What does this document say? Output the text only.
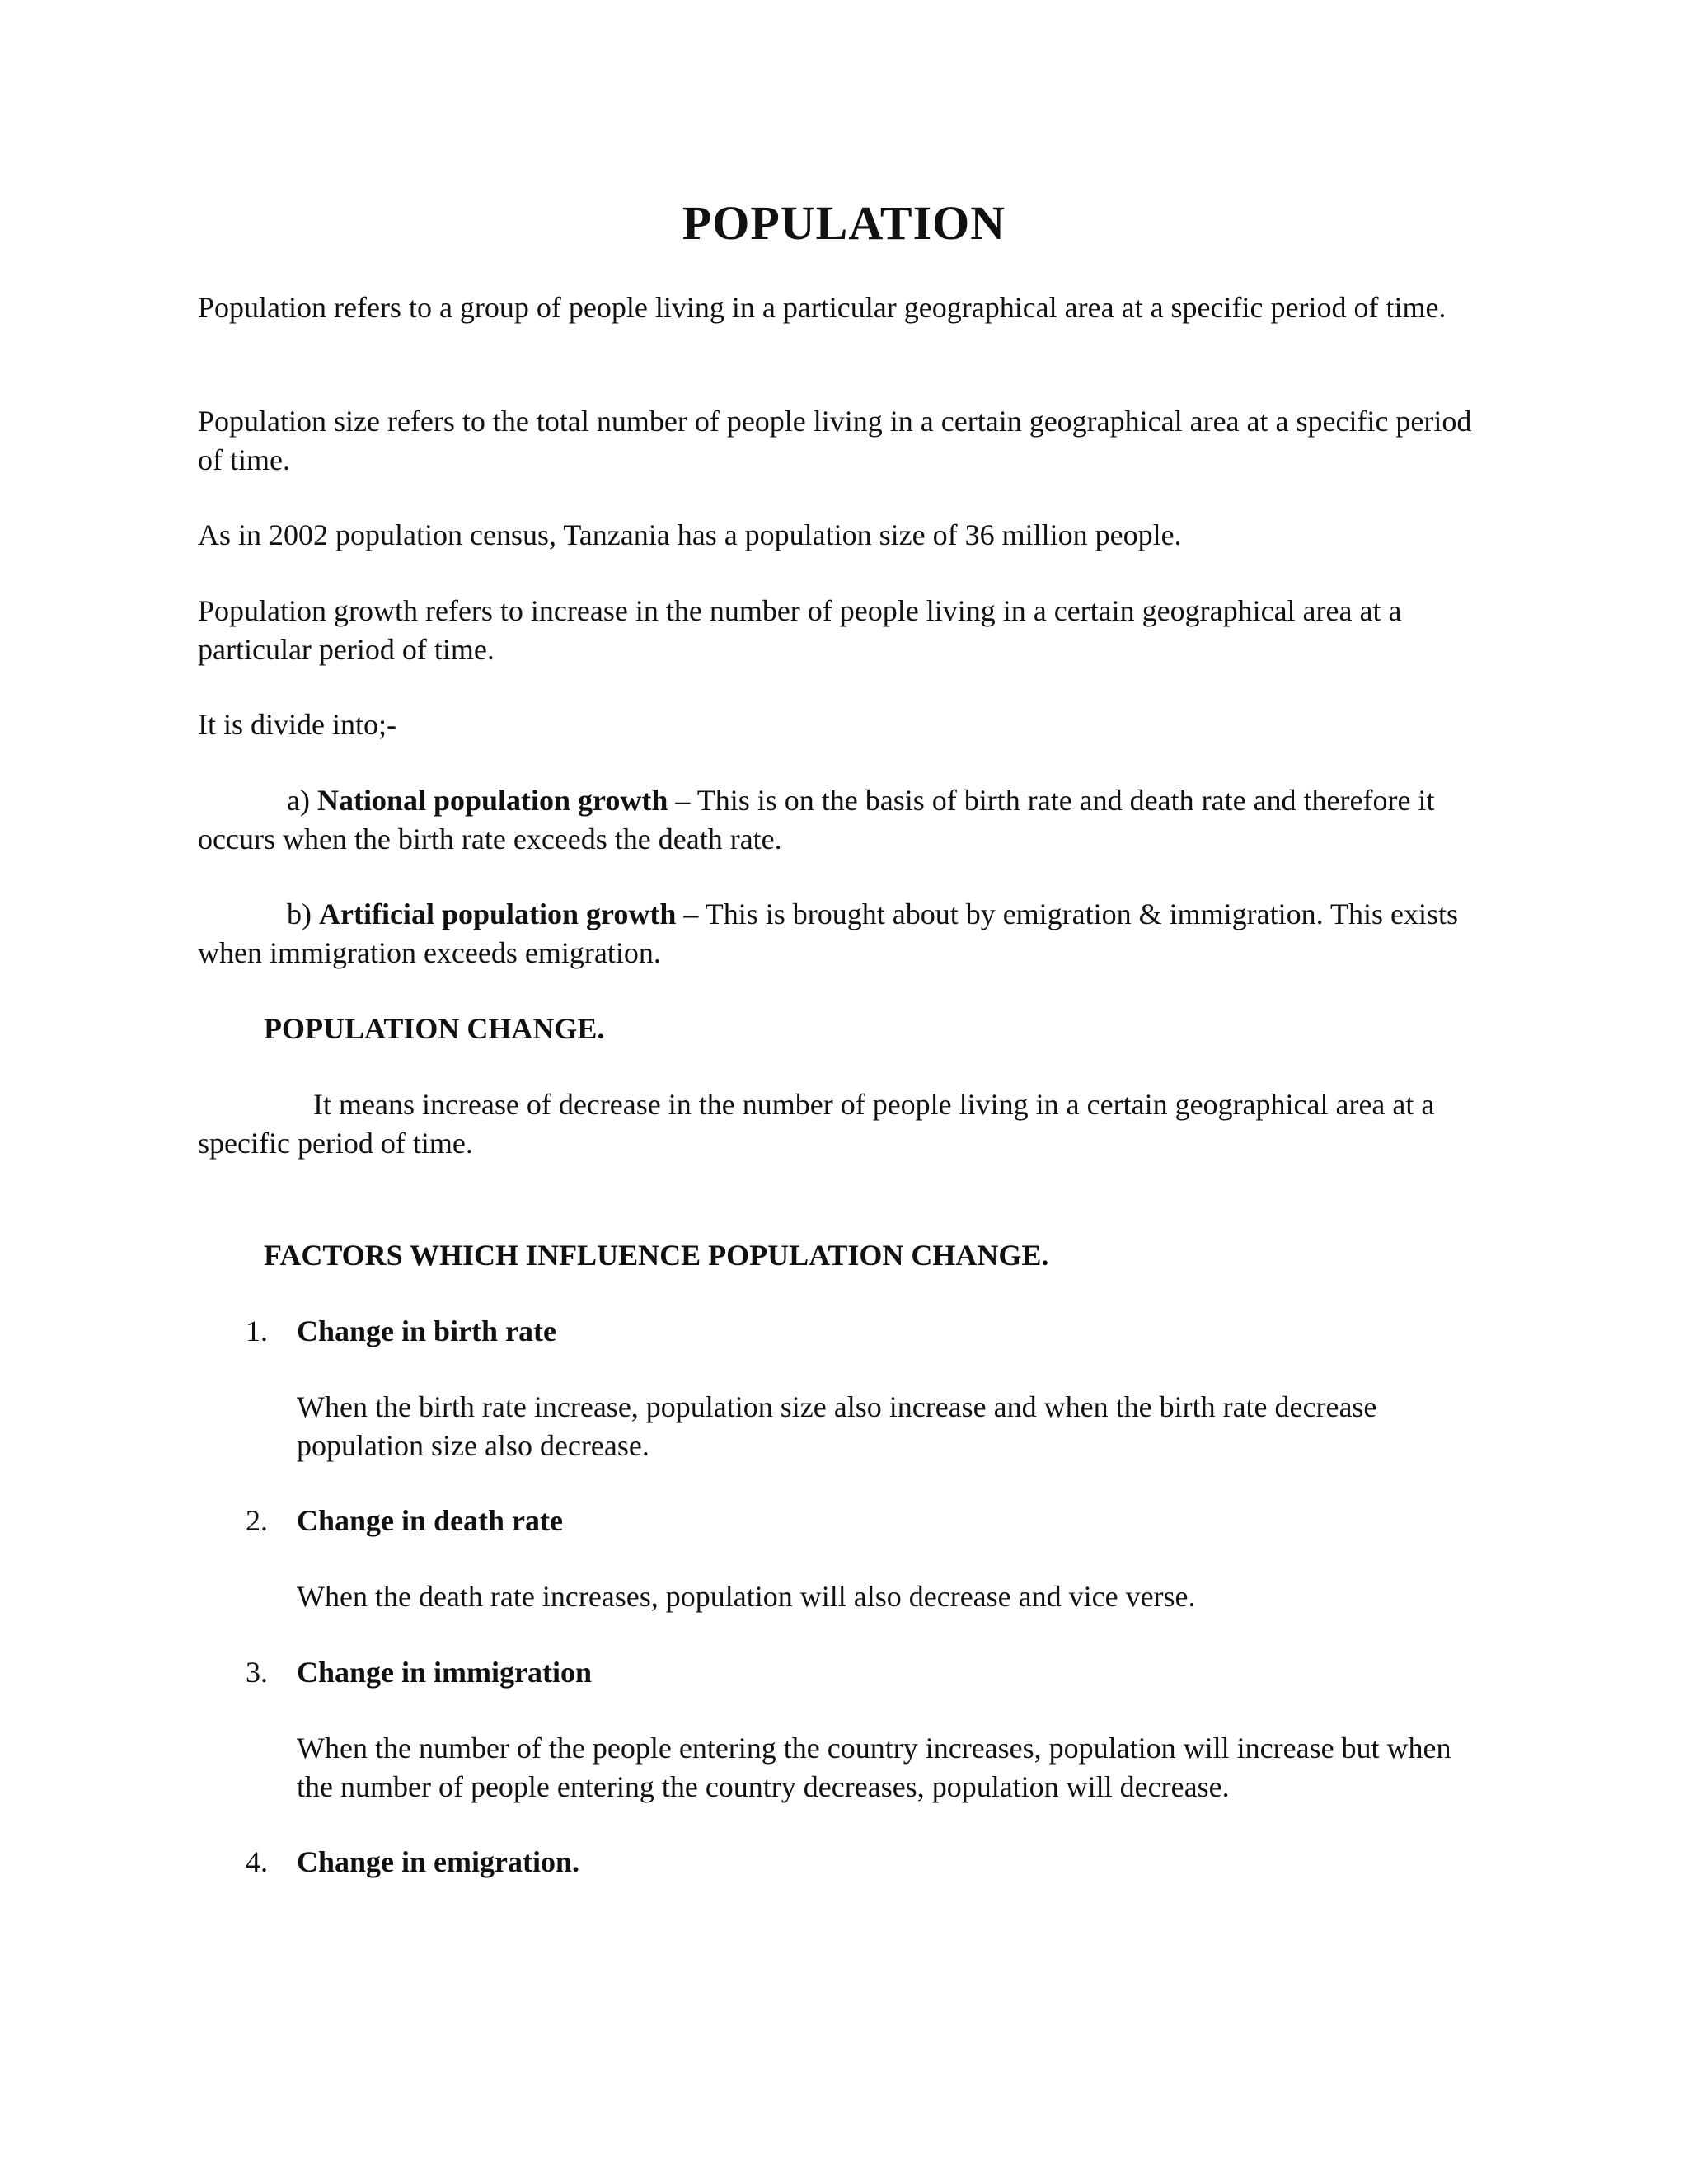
POPULATION

Population refers to a group of people living in a particular geographical area at a specific period of time.

Population size refers to the total number of people living in a certain geographical area at a specific period of time.

As in 2002 population census, Tanzania has a population size of 36 million people.

Population growth refers to increase in the number of people living in a certain geographical area at a particular period of time.

It is divide into;-

a) National population growth – This is on the basis of birth rate and death rate and therefore it occurs when the birth rate exceeds the death rate.

b) Artificial population growth – This is brought about by emigration & immigration. This exists when immigration exceeds emigration.

POPULATION CHANGE.

It means increase of decrease in the number of people living in a certain geographical area at a specific period of time.

FACTORS WHICH INFLUENCE POPULATION CHANGE.
1. Change in birth rate

When the birth rate increase, population size also increase and when the birth rate decrease population size also decrease.

2. Change in death rate

When the death rate increases, population will also decrease and vice verse.

3. Change in immigration

When the number of the people entering the country increases, population will increase but when the number of people entering the country decreases, population will decrease.

4. Change in emigration.
